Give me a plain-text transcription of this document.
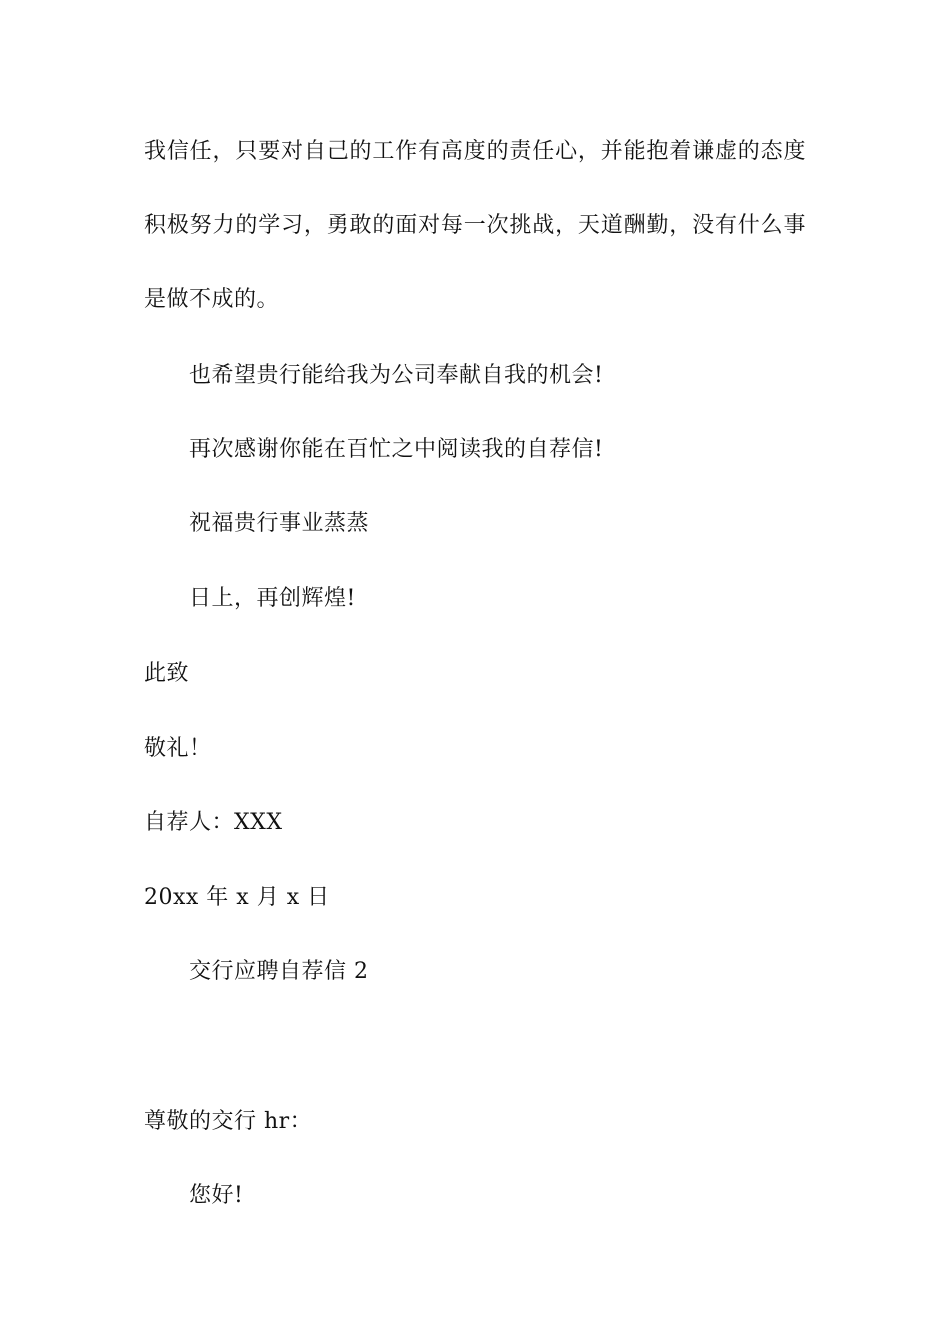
我信任，只要对自己的工作有高度的责任心，并能抱着谦虚的态度
积极努力的学习，勇敢的面对每一次挑战，天道酬勤，没有什么事
是做不成的。
也希望贵行能给我为公司奉献自我的机会!
再次感谢你能在百忙之中阅读我的自荐信!
祝福贵行事业蒸蒸
日上，再创辉煌!
此致
敬礼！
自荐人：XXX
20xx 年 x 月 x 日
交行应聘自荐信 2
尊敬的交行 hr：
您好!
